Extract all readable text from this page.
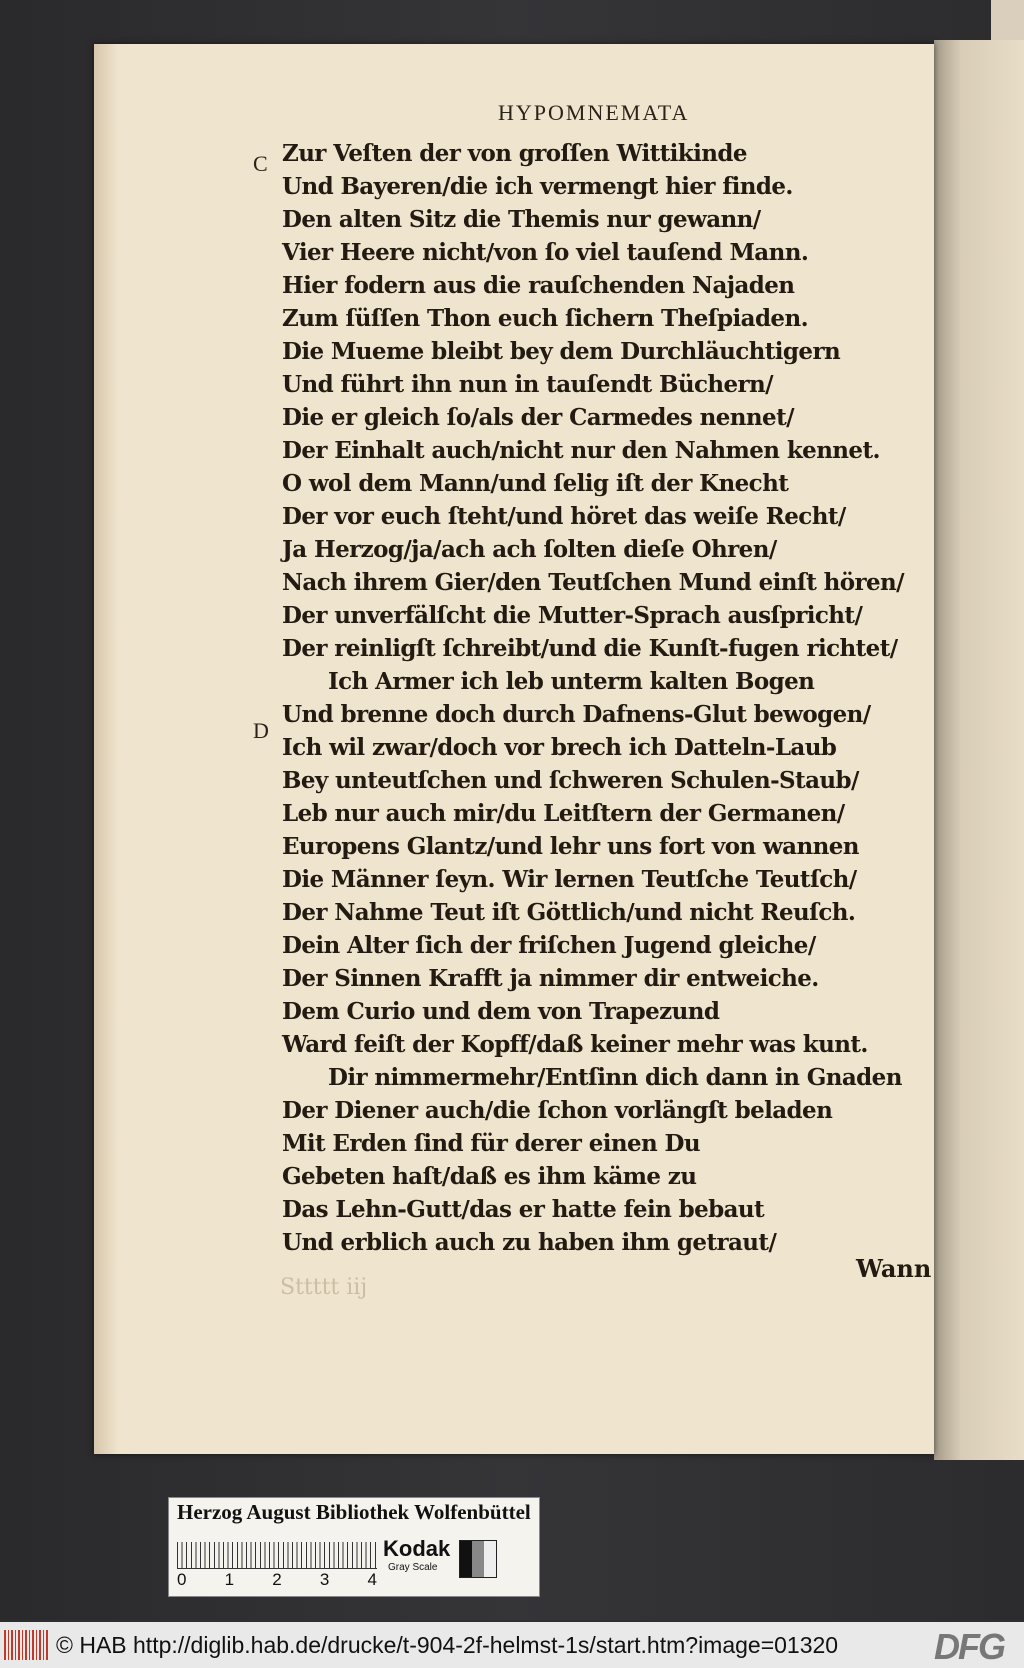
HYPOMNEMATA
C
D
Zur Veſten der von groſſen Wittikinde
Und Bayeren/die ich vermengt hier finde.
Den alten Sitz die Themis nur gewann/
Vier Heere nicht/von ſo viel tauſend Mann.
Hier fodern aus die rauſchenden Najaden
Zum ſüſſen Thon euch ſichern Theſpiaden.
Die Mueme bleibt bey dem Durchläuchtigern
Und führt ihn nun in tauſendt Büchern/
Die er gleich ſo/als der Carmedes nennet/
Der Einhalt auch/nicht nur den Nahmen kennet.
O wol dem Mann/und ſelig iſt der Knecht
Der vor euch ſteht/und höret das weiſe Recht/
Ja Herzog/ja/ach ach ſolten dieſe Ohren/
Nach ihrem Gier/den Teutſchen Mund einſt hören/
Der unverfälſcht die Mutter-Sprach ausſpricht/
Der reinligſt ſchreibt/und die Kunſt-fugen richtet/
Ich Armer ich leb unterm kalten Bogen
Und brenne doch durch Dafnens-Glut bewogen/
Ich wil zwar/doch vor brech ich Datteln-Laub
Bey unteutſchen und ſchweren Schulen-Staub/
Leb nur auch mir/du Leitſtern der Germanen/
Europens Glantz/und lehr uns fort von wannen
Die Männer ſeyn. Wir lernen Teutſche Teutſch/
Der Nahme Teut iſt Göttlich/und nicht Reuſch.
Dein Alter ſich der friſchen Jugend gleiche/
Der Sinnen Krafft ja nimmer dir entweiche.
Dem Curio und dem von Trapezund
Ward feiſt der Kopff/daß keiner mehr was kunt.
Dir nimmermehr/Entſinn dich dann in Gnaden
Der Diener auch/die ſchon vorlängſt beladen
Mit Erden ſind für derer einen Du
Gebeten haſt/daß es ihm käme zu
Das Lehn-Gutt/das er hatte fein bebaut
Und erblich auch zu haben ihm getraut/
Sttttt iij
Wann
Herzog August Bibliothek Wolfenbüttel
0 1 2 3 4
Kodak
Gray Scale
© HAB http://diglib.hab.de/drucke/t-904-2f-helmst-1s/start.htm?image=01320	DFG
